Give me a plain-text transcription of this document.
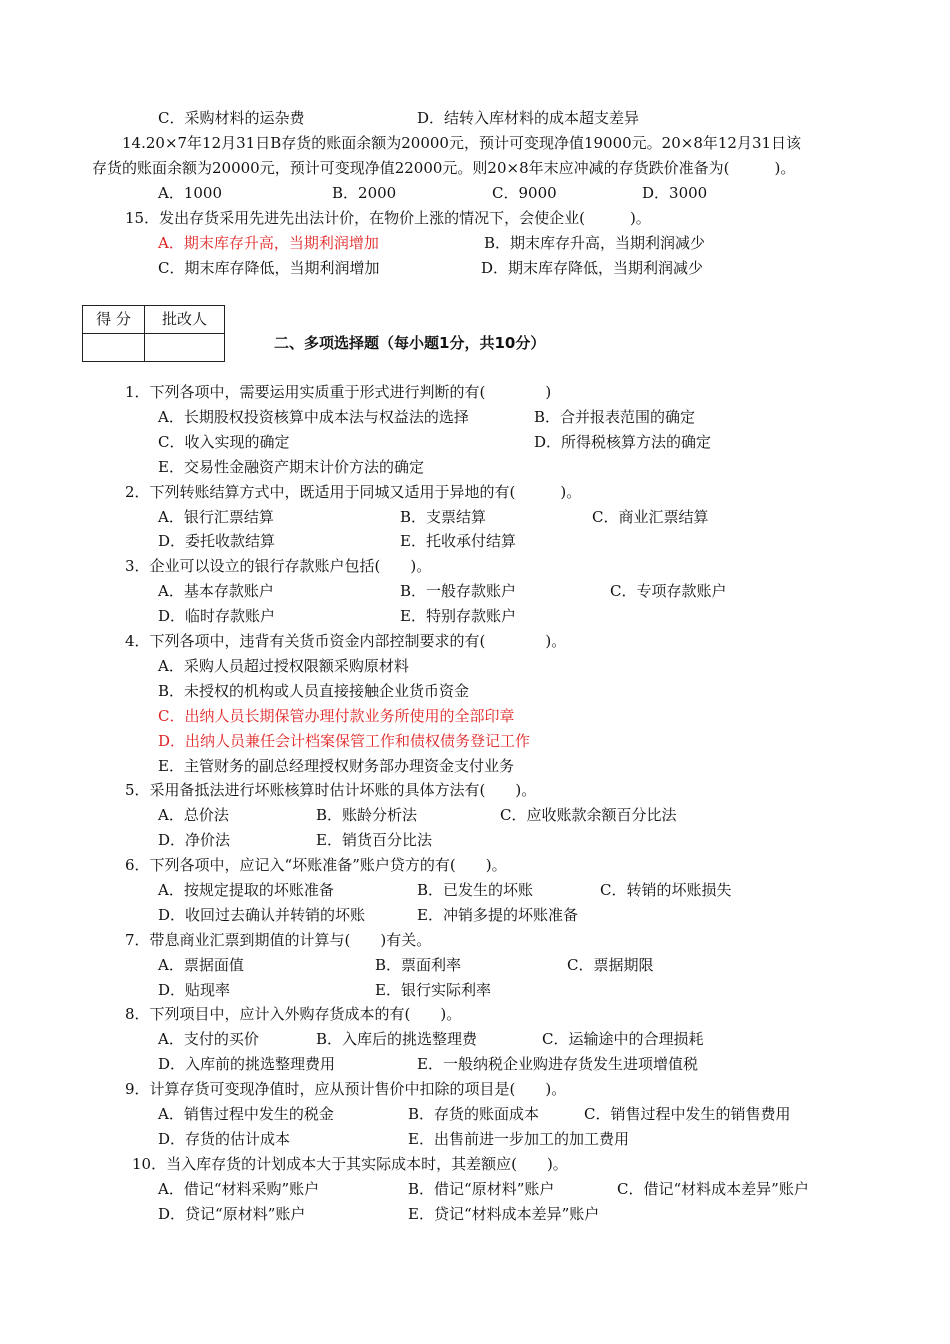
C．采购材料的运杂费	D．结转入库材料的成本超支差异
14.20×7年12月31日B存货的账面余额为20000元，预计可变现净值19000元。20×8年12月31日该
存货的账面余额为20000元，预计可变现净值22000元。则20×8年末应冲减的存货跌价准备为(　　　)。
A．1000	B．2000	C．9000	D．3000
15．发出存货采用先进先出法计价，在物价上涨的情况下，会使企业(　　　)。
A．期末库存升高，当期利润增加	B．期末库存升高，当期利润减少
C．期末库存降低，当期利润增加	D．期末库存降低，当期利润减少
得 分	批改人

二、多项选择题（每小题1分，共10分）
1．下列各项中，需要运用实质重于形式进行判断的有(　　　　)
A．长期股权投资核算中成本法与权益法的选择	B．合并报表范围的确定
C．收入实现的确定	D．所得税核算方法的确定
E．交易性金融资产期末计价方法的确定
2．下列转账结算方式中，既适用于同城又适用于异地的有(　　　)。
A．银行汇票结算	B．支票结算	C．商业汇票结算
D．委托收款结算	E．托收承付结算
3．企业可以设立的银行存款账户包括(　　)。
A．基本存款账户	B．一般存款账户	C．专项存款账户
D．临时存款账户	E．特别存款账户
4．下列各项中，违背有关货币资金内部控制要求的有(　　　　)。
A．采购人员超过授权限额采购原材料
B．未授权的机构或人员直接接触企业货币资金
C．出纳人员长期保管办理付款业务所使用的全部印章
D．出纳人员兼任会计档案保管工作和债权债务登记工作
E．主管财务的副总经理授权财务部办理资金支付业务
5．采用备抵法进行坏账核算时估计坏账的具体方法有(　　)。
A．总价法	B．账龄分析法	C．应收账款余额百分比法
D．净价法	E．销货百分比法
6．下列各项中，应记入“坏账准备”账户贷方的有(　　)。
A．按规定提取的坏账准备	B．已发生的坏账	C．转销的坏账损失
D．收回过去确认并转销的坏账	E．冲销多提的坏账准备
7．带息商业汇票到期值的计算与(　　)有关。
A．票据面值	B．票面利率	C．票据期限
D．贴现率	E．银行实际利率
8．下列项目中，应计入外购存货成本的有(　　)。
A．支付的买价	B．入库后的挑选整理费	C．运输途中的合理损耗
D．入库前的挑选整理费用	E．一般纳税企业购进存货发生进项增值税
9．计算存货可变现净值时，应从预计售价中扣除的项目是(　　)。
A．销售过程中发生的税金	B．存货的账面成本	C．销售过程中发生的销售费用
D．存货的估计成本	E．出售前进一步加工的加工费用
10．当入库存货的计划成本大于其实际成本时，其差额应(　　)。
A．借记“材料采购”账户	B．借记“原材料”账户	C．借记“材料成本差异”账户
D．贷记“原材料”账户	E．贷记“材料成本差异”账户
